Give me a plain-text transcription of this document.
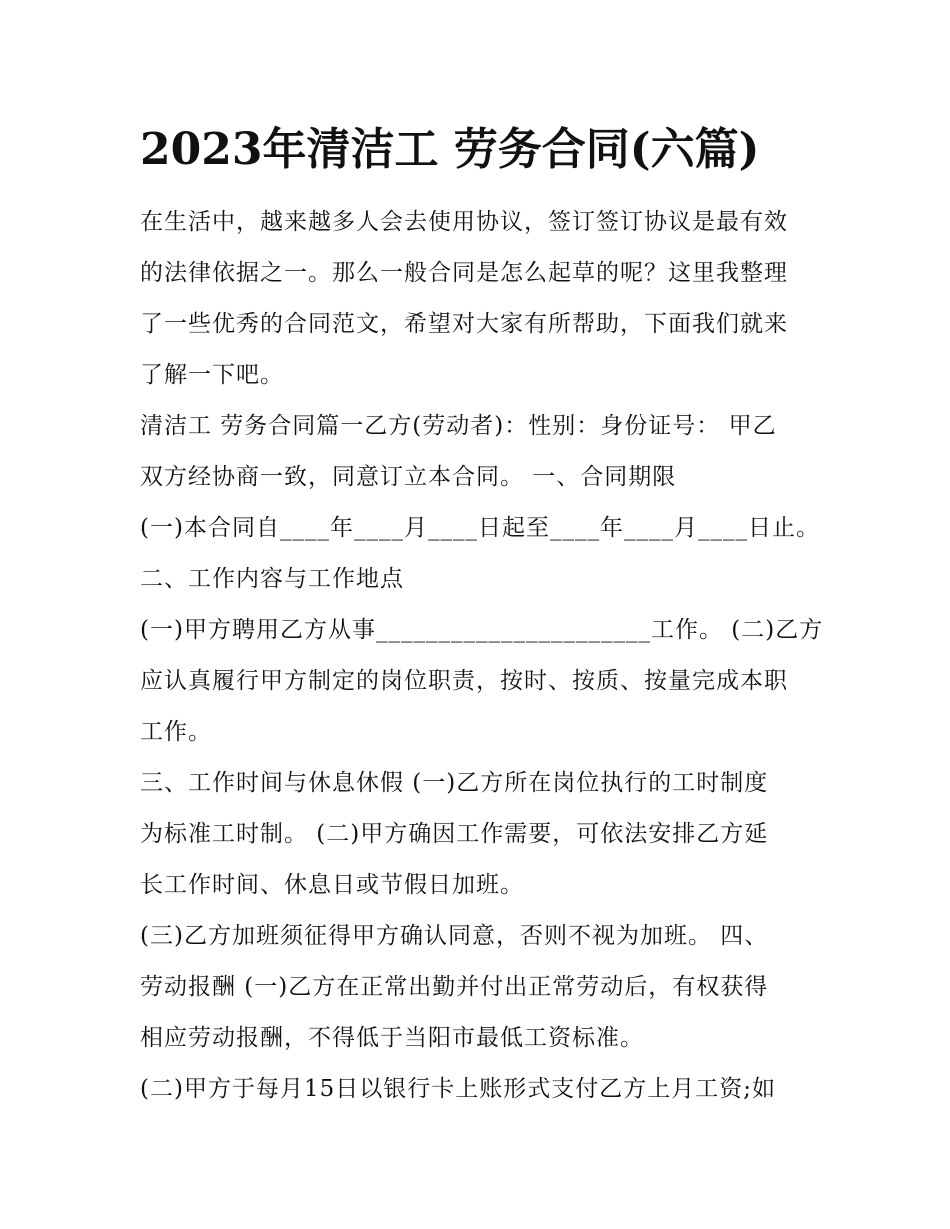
2023年清洁工 劳务合同(六篇)
在生活中，越来越多人会去使用协议，签订签订协议是最有效
的法律依据之一。那么一般合同是怎么起草的呢？这里我整理
了一些优秀的合同范文，希望对大家有所帮助，下面我们就来
了解一下吧。
清洁工 劳务合同篇一乙方(劳动者)：性别：身份证号： 甲乙
双方经协商一致，同意订立本合同。 一、合同期限
(一)本合同自____年____月____日起至____年____月____日止。
二、工作内容与工作地点
(一)甲方聘用乙方从事______________________工作。 (二)乙方
应认真履行甲方制定的岗位职责，按时、按质、按量完成本职
工作。
三、工作时间与休息休假 (一)乙方所在岗位执行的工时制度
为标准工时制。 (二)甲方确因工作需要，可依法安排乙方延
长工作时间、休息日或节假日加班。
(三)乙方加班须征得甲方确认同意，否则不视为加班。 四、
劳动报酬 (一)乙方在正常出勤并付出正常劳动后，有权获得
相应劳动报酬，不得低于当阳市最低工资标准。
(二)甲方于每月15日以银行卡上账形式支付乙方上月工资;如
